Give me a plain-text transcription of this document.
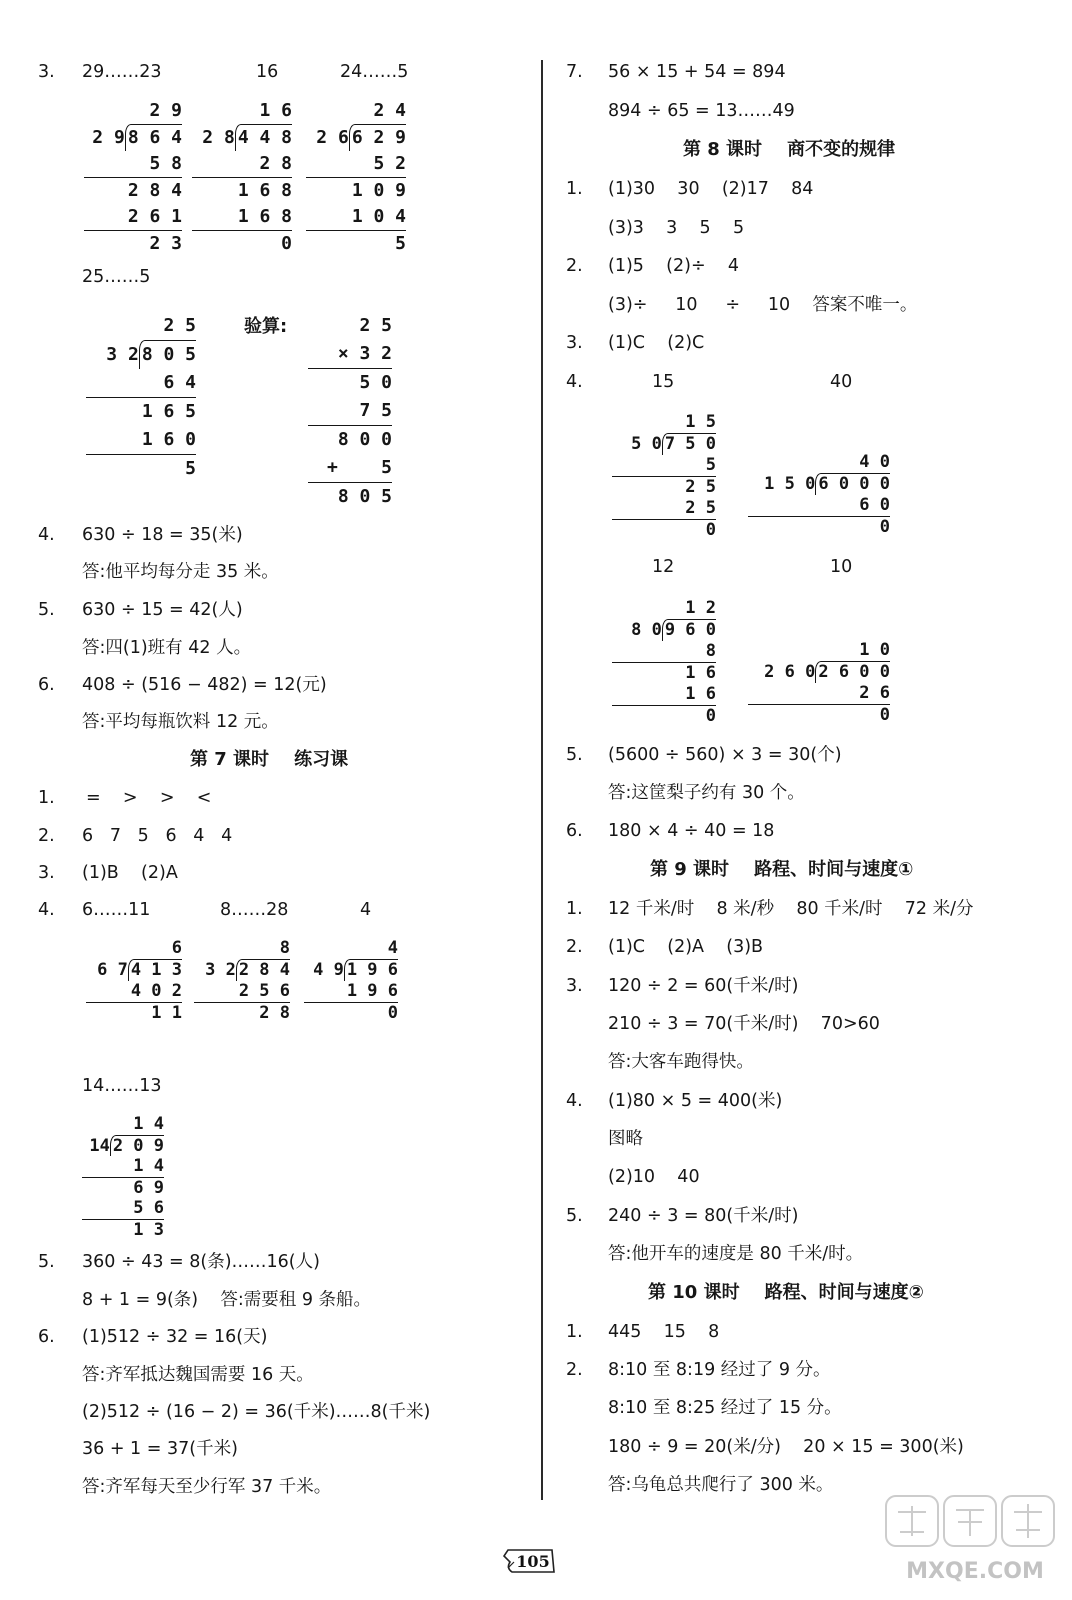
3. 29……23	16	24……5
2 9
2 9 8 6 4
5 8
2 8 4
2 6 1
2 3
1 6
2 8 4 4 8
2 8
1 6 8
1 6 8
0
2 4
2 6 6 2 9
5 2
1 0 9
1 0 4
5
25……5
2 5
3 2 8 0 5
6 4
1 6 5
1 6 0
5
验算:	2 5
× 3 2
5 0
7 5
8 0 0
+    5
8 0 5
4. 630 ÷ 18 = 35(米)
答:他平均每分走 35 米。
5. 630 ÷ 15 = 42(人)
答:四(1)班有 42 人。
6. 408 ÷ (516 − 482) = 12(元)
答:平均每瓶饮料 12 元。
第 7 课时    练习课
1. =    >    >    <
2. 6   7   5   6   4   4
3. (1)B    (2)A
4. 6……11	8……28	4
6
6 7 4 1 3
4 0 2
1 1
8
3 2 2 8 4
2 5 6
2 8
4
4 9 1 9 6
1 9 6
0
14……13
1 4
14 2 0 9
1 4
6 9
5 6
1 3
5. 360 ÷ 43 = 8(条)……16(人)
8 + 1 = 9(条)    答:需要租 9 条船。
6. (1)512 ÷ 32 = 16(天)
答:齐军抵达魏国需要 16 天。
(2)512 ÷ (16 − 2) = 36(千米)……8(千米)
36 + 1 = 37(千米)
答:齐军每天至少行军 37 千米。
7. 56 × 15 + 54 = 894
894 ÷ 65 = 13……49
第 8 课时    商不变的规律
1. (1)30    30    (2)17    84
(3)3    3    5    5
2. (1)5    (2)÷    4
(3)÷     10     ÷     10    答案不唯一。
3. (1)C    (2)C
4.	15	40
1 5
5 0 7 5 0
5
2 5
2 5
0
4 0
1 5 0 6 0 0 0
6 0
0
12	10
1 2
8 0 9 6 0
8
1 6
1 6
0
1 0
2 6 0 2 6 0 0
2 6
0
5. (5600 ÷ 560) × 3 = 30(个)
答:这筐梨子约有 30 个。
6. 180 × 4 ÷ 40 = 18
第 9 课时    路程、时间与速度①
1. 12 千米/时    8 米/秒    80 千米/时    72 米/分
2. (1)C    (2)A    (3)B
3. 120 ÷ 2 = 60(千米/时)
210 ÷ 3 = 70(千米/时)    70>60
答:大客车跑得快。
4. (1)80 × 5 = 400(米)
图略
(2)10    40
5. 240 ÷ 3 = 80(千米/时)
答:他开车的速度是 80 千米/时。
第 10 课时    路程、时间与速度②
1. 445    15    8
2. 8:10 至 8:19 经过了 9 分。
8:10 至 8:25 经过了 15 分。
180 ÷ 9 = 20(米/分)    20 × 15 = 300(米)
答:乌龟总共爬行了 300 米。
105	MXQE.COM
